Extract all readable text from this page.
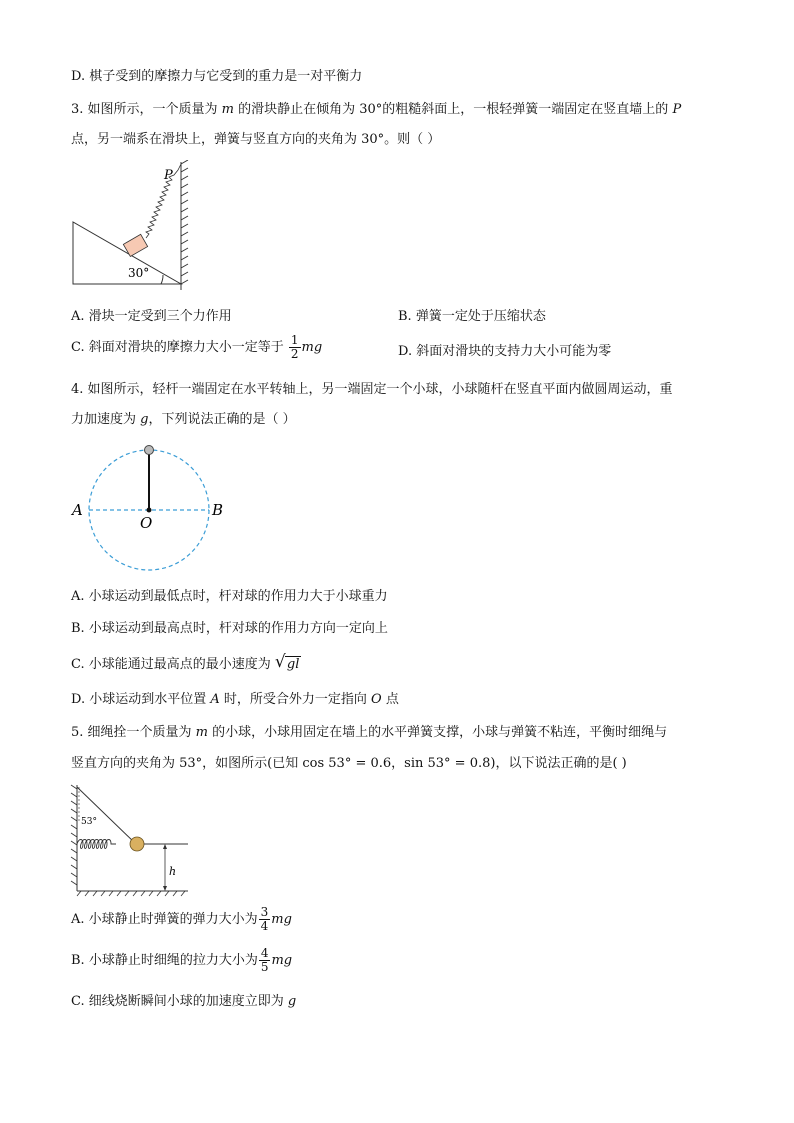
D. 棋子受到的摩擦力与它受到的重力是一对平衡力
3. 如图所示，一个质量为 m 的滑块静止在倾角为 30°的粗糙斜面上，一根轻弹簧一端固定在竖直墙上的 P
点，另一端系在滑块上，弹簧与竖直方向的夹角为 30°。则（ ）
30°
P
A. 滑块一定受到三个力作用	B. 弹簧一定处于压缩状态
C. 斜面对滑块的摩擦力大小一定等于 $\frac{1}{2}$ mg	D. 斜面对滑块的支持力大小可能为零
4. 如图所示，轻杆一端固定在水平转轴上，另一端固定一个小球，小球随杆在竖直平面内做圆周运动，重
力加速度为 g，下列说法正确的是（ ）
A	B
O
A. 小球运动到最低点时，杆对球的作用力大于小球重力
B. 小球运动到最高点时，杆对球的作用力方向一定向上
C. 小球能通过最高点的最小速度为 √ gl
D. 小球运动到水平位置 A 时，所受合外力一定指向 O 点
5. 细绳拴一个质量为 m 的小球，小球用固定在墙上的水平弹簧支撑，小球与弹簧不粘连，平衡时细绳与
竖直方向的夹角为 53°，如图所示(已知 cos 53° = 0.6，sin 53° = 0.8)，以下说法正确的是( )
53°
h
A. 小球静止时弹簧的弹力大小为 $\frac{3}{4}$ mg
B. 小球静止时细绳的拉力大小为 $\frac{4}{5}$ mg
C. 细线烧断瞬间小球的加速度立即为 g
